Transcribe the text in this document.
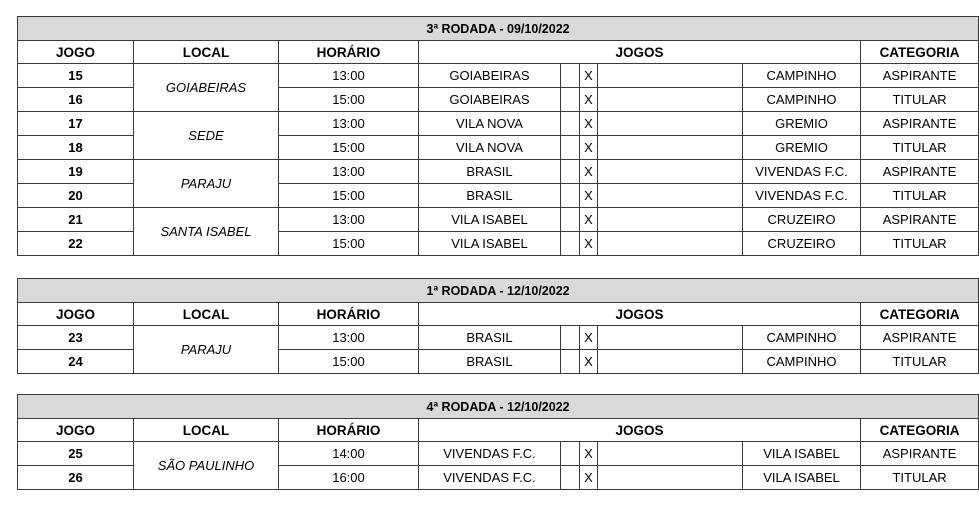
3ª RODADA - 09/10/2022								
JOGO	LOCAL	HORÁRIO	JOGOS					CATEGORIA
15	GOIABEIRAS	13:00	GOIABEIRAS		X		CAMPINHO	ASPIRANTE
16		15:00	GOIABEIRAS		X		CAMPINHO	TITULAR
17	SEDE	13:00	VILA NOVA		X		GREMIO	ASPIRANTE
18		15:00	VILA NOVA		X		GREMIO	TITULAR
19	PARAJU	13:00	BRASIL		X		VIVENDAS F.C.	ASPIRANTE
20		15:00	BRASIL		X		VIVENDAS F.C.	TITULAR
21	SANTA ISABEL	13:00	VILA ISABEL		X		CRUZEIRO	ASPIRANTE
22		15:00	VILA ISABEL		X		CRUZEIRO	TITULAR
1ª RODADA - 12/10/2022								
JOGO	LOCAL	HORÁRIO	JOGOS					CATEGORIA
23	PARAJU	13:00	BRASIL		X		CAMPINHO	ASPIRANTE
24		15:00	BRASIL		X		CAMPINHO	TITULAR
4ª RODADA - 12/10/2022								
JOGO	LOCAL	HORÁRIO	JOGOS					CATEGORIA
25	SÃO PAULINHO	14:00	VIVENDAS F.C.		X		VILA ISABEL	ASPIRANTE
26		16:00	VIVENDAS F.C.		X		VILA ISABEL	TITULAR
